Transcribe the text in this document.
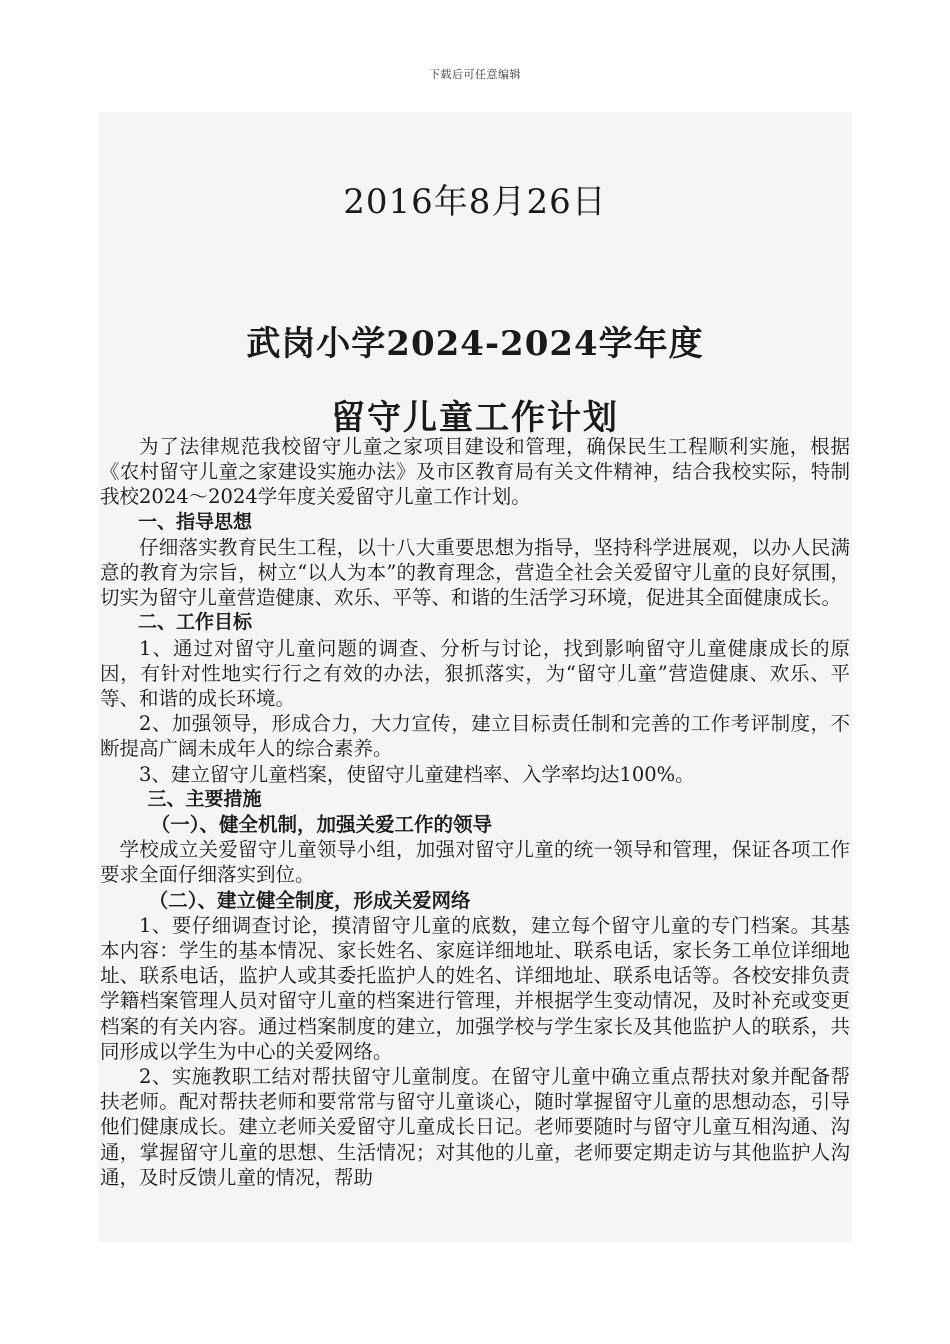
下载后可任意编辑
2016年8月26日
武岗小学2024-2024学年度
留守儿童工作计划

为了法律规范我校留守儿童之家项目建设和管理，确保民生工程顺利实施，根据《农村留守儿童之家建设实施办法》及市区教育局有关文件精神，结合我校实际，特制我校2024～2024学年度关爱留守儿童工作计划。

一、指导思想

仔细落实教育民生工程，以十八大重要思想为指导，坚持科学进展观，以办人民满意的教育为宗旨，树立“以人为本”的教育理念，营造全社会关爱留守儿童的良好氛围，切实为留守儿童营造健康、欢乐、平等、和谐的生活学习环境，促进其全面健康成长。

二、工作目标

1、通过对留守儿童问题的调查、分析与讨论，找到影响留守儿童健康成长的原因，有针对性地实行行之有效的办法，狠抓落实，为“留守儿童”营造健康、欢乐、平等、和谐的成长环境。

2、加强领导，形成合力，大力宣传，建立目标责任制和完善的工作考评制度，不断提高广阔未成年人的综合素养。

3、建立留守儿童档案，使留守儿童建档率、入学率均达100%。

三、主要措施

（一）、健全机制，加强关爱工作的领导

学校成立关爱留守儿童领导小组，加强对留守儿童的统一领导和管理，保证各项工作要求全面仔细落实到位。

（二）、建立健全制度，形成关爱网络

1、要仔细调查讨论，摸清留守儿童的底数，建立每个留守儿童的专门档案。其基本内容：学生的基本情况、家长姓名、家庭详细地址、联系电话，家长务工单位详细地址、联系电话，监护人或其委托监护人的姓名、详细地址、联系电话等。各校安排负责学籍档案管理人员对留守儿童的档案进行管理，并根据学生变动情况，及时补充或变更档案的有关内容。通过档案制度的建立，加强学校与学生家长及其他监护人的联系，共同形成以学生为中心的关爱网络。

2、实施教职工结对帮扶留守儿童制度。在留守儿童中确立重点帮扶对象并配备帮扶老师。配对帮扶老师和要常常与留守儿童谈心，随时掌握留守儿童的思想动态，引导他们健康成长。建立老师关爱留守儿童成长日记。老师要随时与留守儿童互相沟通、沟通，掌握留守儿童的思想、生活情况；对其他的儿童，老师要定期走访与其他监护人沟通，及时反馈儿童的情况，帮助
